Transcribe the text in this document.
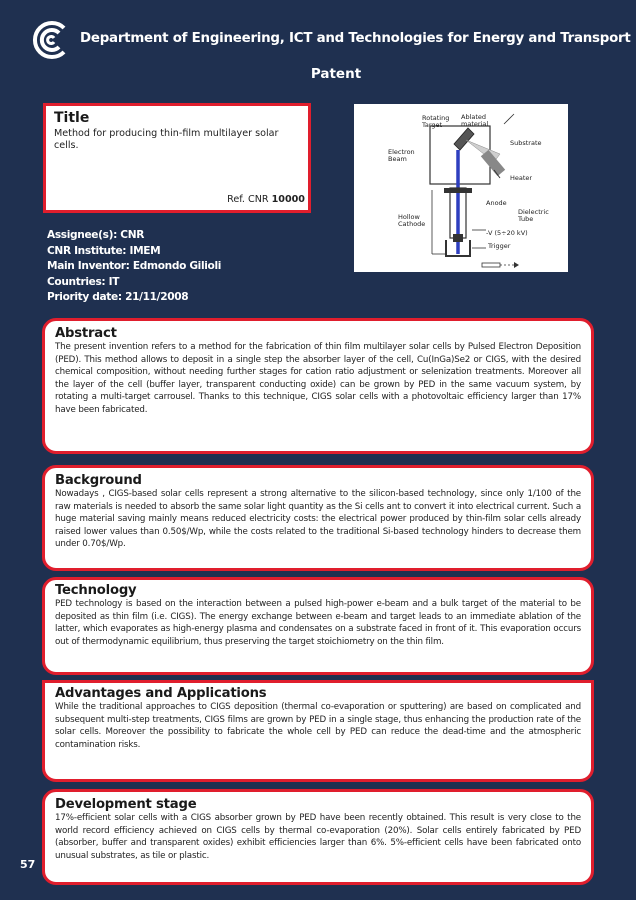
Department of Engineering, ICT and Technologies for Energy and Transport
Patent
Title

Method for producing thin-film multilayer solar cells.

Ref. CNR 10000
Rotating Target
Ablated material
Electron Beam
Substrate
Heater
Anode
Hollow Cathode
Dielectric Tube
-V (5÷20 kV)
Trigger
Assignee(s): CNR
CNR Institute: IMEM
Main Inventor: Edmondo Gilioli
Countries: IT
Priority date: 21/11/2008
Abstract

The present invention refers to a method for the fabrication of thin film multilayer solar cells by Pulsed Electron Deposition (PED). This method allows to deposit in a single step the absorber layer of the cell, Cu(InGa)Se2 or CIGS, with the desired chemical composition, without needing further stages for cation ratio adjustment or selenization treatments. Moreover all the layer of the cell (buffer layer, transparent conducting oxide) can be grown by PED in the same vacuum system, by rotating a multi-target carrousel. Thanks to this technique, CIGS solar cells with a photovoltaic efficiency larger than 17% have been fabricated.

Background

Nowadays , CIGS-based solar cells represent a strong alternative to the silicon-based technology, since only 1/100 of the raw materials is needed to absorb the same solar light quantity as the Si cells ant to convert it into electrical current. Such a huge material saving mainly means reduced electricity costs: the electrical power produced by thin-film solar cells already raised lower values than 0.50$/Wp, while the costs related to the traditional Si-based technology hinders to decrease them under 0.70$/Wp.

Technology

PED technology is based on the interaction between a pulsed high-power e-beam and a bulk target of the material to be deposited as thin film (i.e. CIGS). The energy exchange between e-beam and target leads to an immediate ablation of the latter, which evaporates as high-energy plasma and condensates on a substrate faced in front of it. This evaporation occurs out of thermodynamic equilibrium, thus preserving the target stoichiometry on the thin film.

Advantages and Applications

While the traditional approaches to CIGS deposition (thermal co-evaporation or sputtering) are based on complicated and subsequent multi-step treatments, CIGS films are grown by PED in a single stage, thus enhancing the production rate of the solar cells. Moreover the possibility to fabricate the whole cell by PED can reduce the dead-time and the atmospheric contamination risks.

Development stage

17%-efficient solar cells with a CIGS absorber grown by PED have been recently obtained. This result is very close to the world record efficiency achieved on CIGS cells by thermal co-evaporation (20%). Solar cells entirely fabricated by PED (absorber, buffer and transparent oxides) exhibit efficiencies larger than 6%. 5%-efficient cells have been fabricated onto unusual substrates, as tile or plastic.

57
